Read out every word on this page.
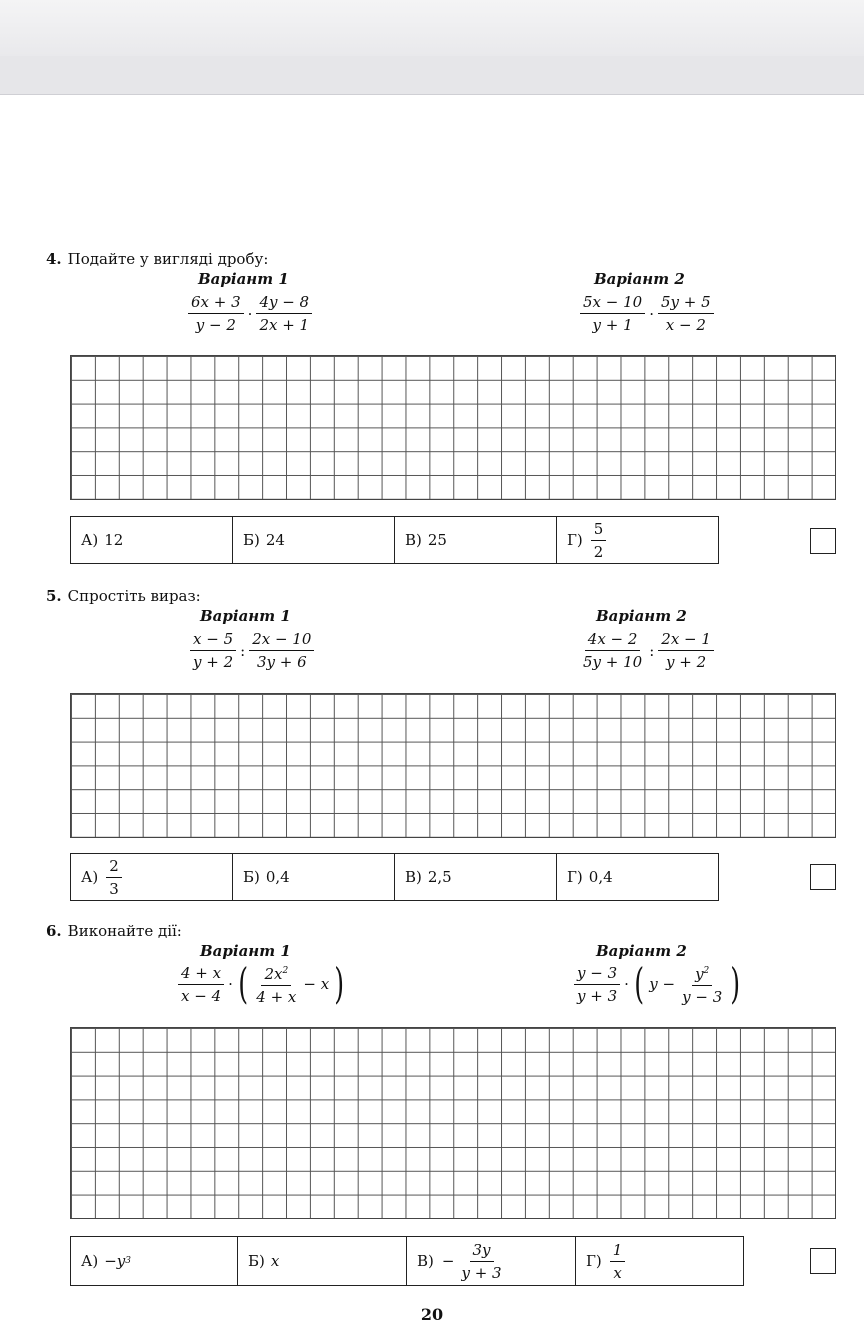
4. Подайте у вигляді дробу:
Варіант 1	Варіант 2
$\frac{6x + 3}{y - 2} \cdot \frac{4y - 8}{2x + 1}$	$\frac{5x - 10}{y + 1} \cdot \frac{5y + 5}{x - 2}$
А) 12	Б) 24	В) 25	$Г) \frac{5}{2}$
5. Спростіть вираз:
Варіант 1	Варіант 2
$\frac{x - 5}{y + 2}$ : $\frac{2x - 10}{3y + 6}$	$\frac{4x - 2}{5y + 10}$ : $\frac{2x - 1}{y + 2}$
$А) \frac{2}{3}$	Б) 0,4	В) 2,5	Г) 0,4
6. Виконайте дії:
Варіант 1	Варіант 2
$\frac{4 + x}{x - 4}$ · ( $\frac{2x^2}{4 + x} - x$ )	$\frac{y - 3}{y + 3}$ · ( $y - \frac{y^2}{y - 3}$ )
А) −y 3	Б) x	$В) - \frac{3y}{y + 3}$	$Г) \frac{1}{x}$
20
